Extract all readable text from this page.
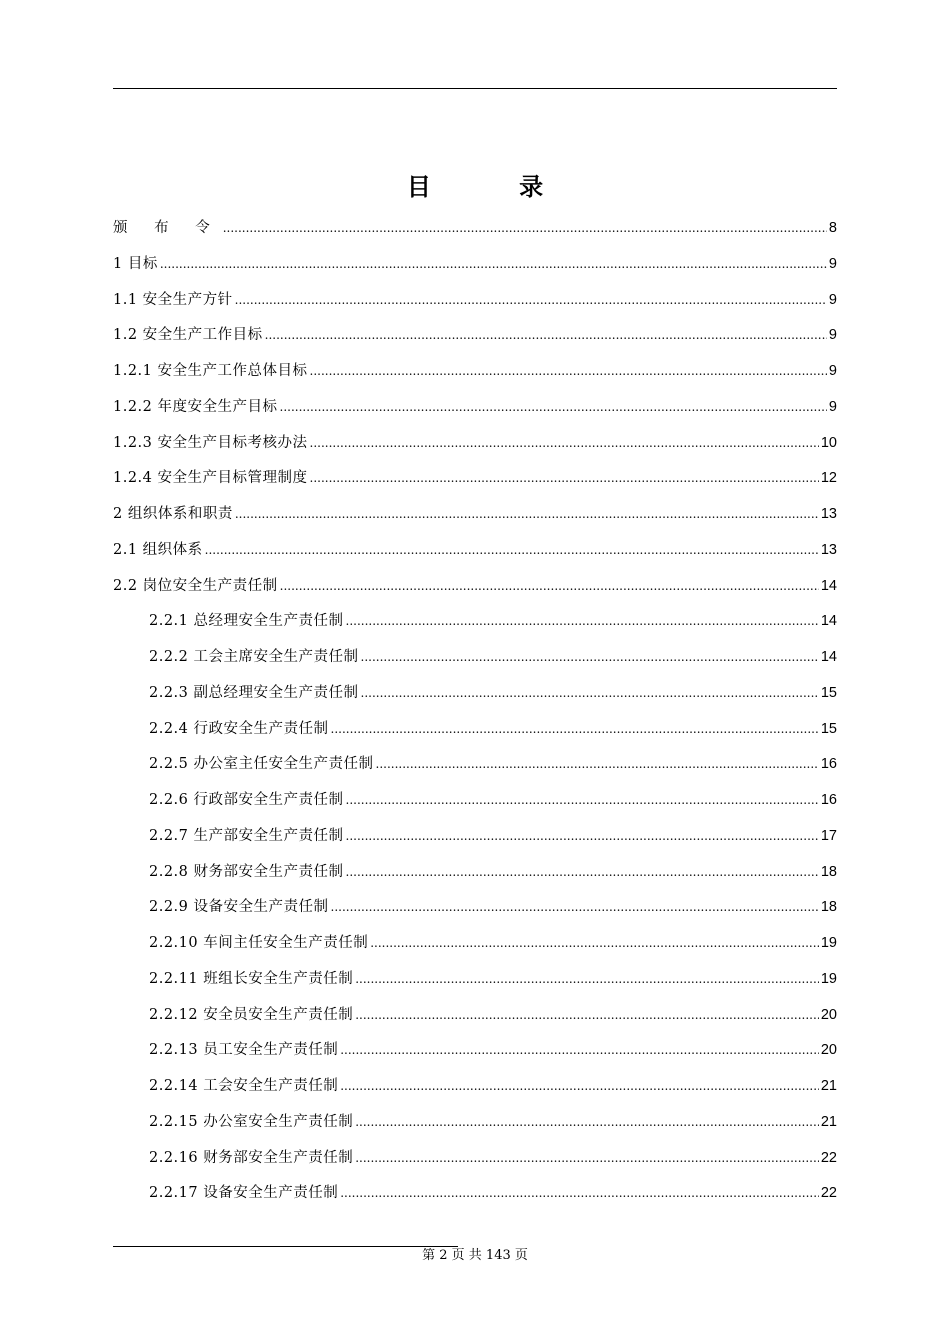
目 录
颁 布 令 .....	8
1 目标 .....	9
1.1 安全生产方针 .....	9
1.2 安全生产工作目标 .....	9
1.2.1 安全生产工作总体目标 .....	9
1.2.2 年度安全生产目标 .....	9
1.2.3 安全生产目标考核办法 .....	10
1.2.4 安全生产目标管理制度 .....	12
2 组织体系和职责 .....	13
2.1 组织体系 .....	13
2.2 岗位安全生产责任制 .....	14
2.2.1 总经理安全生产责任制 .....	14
2.2.2 工会主席安全生产责任制 .....	14
2.2.3 副总经理安全生产责任制 .....	15
2.2.4 行政安全生产责任制 .....	15
2.2.5 办公室主任安全生产责任制 .....	16
2.2.6 行政部安全生产责任制 .....	16
2.2.7 生产部安全生产责任制 .....	17
2.2.8 财务部安全生产责任制 .....	18
2.2.9 设备安全生产责任制 .....	18
2.2.10 车间主任安全生产责任制 .....	19
2.2.11 班组长安全生产责任制 .....	19
2.2.12 安全员安全生产责任制 .....	20
2.2.13 员工安全生产责任制 .....	20
2.2.14 工会安全生产责任制 .....	21
2.2.15 办公室安全生产责任制 .....	21
2.2.16 财务部安全生产责任制 .....	22
2.2.17 设备安全生产责任制 .....	22
第 2 页 共 143 页
